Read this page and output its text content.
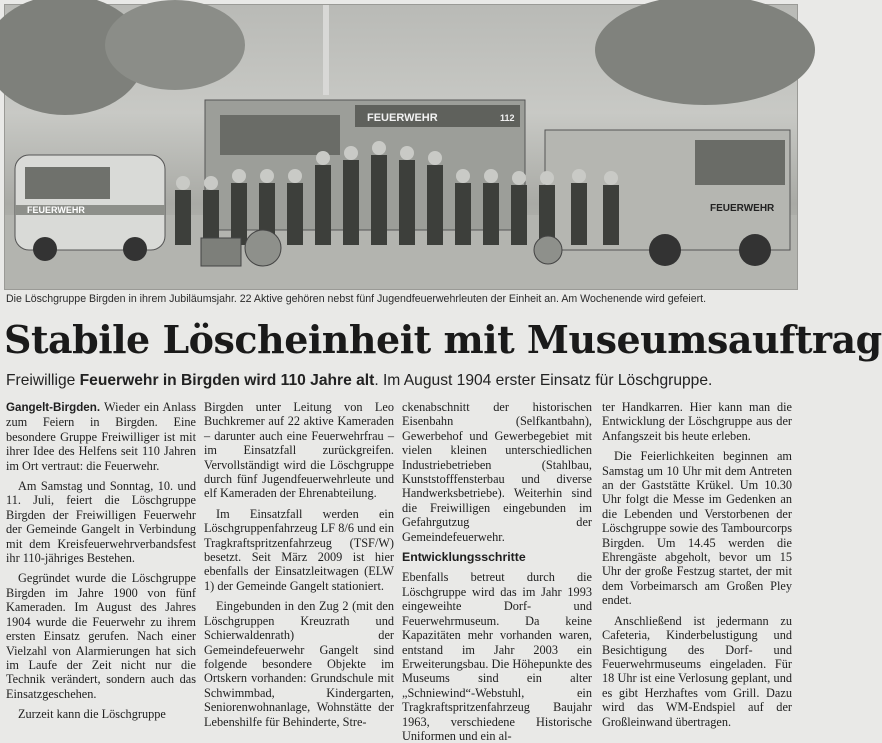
FEUERWEHR
FEUERWEHR	112
FEUERWEHR
Die Löschgruppe Birgden in ihrem Jubiläumsjahr. 22 Aktive gehören nebst fünf Jugendfeuerwehrleuten der Einheit an. Am Wochenende wird gefeiert.
Stabile Löscheinheit mit Museumsauftrag
Freiwillige Feuerwehr in Birgden wird 110 Jahre alt. Im August 1904 erster Einsatz für Löschgruppe.

Gangelt-Birgden. Wieder ein Anlass zum Feiern in Birgden. Eine besondere Gruppe Freiwilliger ist mit ihrer Idee des Helfens seit 110 Jahren im Ort vertraut: die Feuerwehr.

Am Samstag und Sonntag, 10. und 11. Juli, feiert die Löschgruppe Birgden der Freiwilligen Feuerwehr der Gemeinde Gangelt in Verbindung mit dem Kreisfeuerwehrverbandsfest ihr 110-jähriges Bestehen.

Gegründet wurde die Löschgruppe Birgden im Jahre 1900 von fünf Kameraden. Im August des Jahres 1904 wurde die Feuerwehr zu ihrem ersten Einsatz gerufen. Nach einer Vielzahl von Alarmierungen hat sich im Laufe der Zeit nicht nur die Technik verändert, sondern auch das Einsatzgeschehen.

Zurzeit kann die Löschgruppe

Birgden unter Leitung von Leo Buchkremer auf 22 aktive Kameraden – darunter auch eine Feuerwehrfrau – im Einsatzfall zurückgreifen. Vervollständigt wird die Löschgruppe durch fünf Jugendfeuerwehrleute und elf Kameraden der Ehrenabteilung.

Im Einsatzfall werden ein Löschgruppenfahrzeug LF 8/6 und ein Tragkraftspritzenfahrzeug (TSF/W) besetzt. Seit März 2009 ist hier ebenfalls der Einsatzleitwagen (ELW 1) der Gemeinde Gangelt stationiert.

Eingebunden in den Zug 2 (mit den Löschgruppen Kreuzrath und Schierwaldenrath) der Gemeindefeuerwehr Gangelt sind folgende besondere Objekte im Ortskern vorhanden: Grundschule mit Schwimmbad, Kindergarten, Seniorenwohnanlage, Wohnstätte der Lebenshilfe für Behinderte, Stre-

ckenabschnitt der historischen Eisenbahn (Selfkantbahn), Gewerbehof und Gewerbegebiet mit vielen kleinen unterschiedlichen Industriebetrieben (Stahlbau, Kunststofffensterbau und diverse Handwerksbetriebe). Weiterhin sind die Freiwilligen eingebunden im Gefahrgutzug der Gemeindefeuerwehr.

Entwicklungsschritte

Ebenfalls betreut durch die Löschgruppe wird das im Jahr 1993 eingeweihte Dorf- und Feuerwehrmuseum. Da keine Kapazitäten mehr vorhanden waren, entstand im Jahr 2003 ein Erweiterungsbau. Die Höhepunkte des Museums sind ein alter „Schniewind“-Webstuhl, ein Tragkraftspritzenfahrzeug Baujahr 1963, verschiedene Historische Uniformen und ein al-

ter Handkarren. Hier kann man die Entwicklung der Löschgruppe aus der Anfangszeit bis heute erleben.

Die Feierlichkeiten beginnen am Samstag um 10 Uhr mit dem Antreten an der Gaststätte Krükel. Um 10.30 Uhr folgt die Messe im Gedenken an die Lebenden und Verstorbenen der Löschgruppe sowie des Tambourcorps Birgden. Um 14.45 werden die Ehrengäste abgeholt, bevor um 15 Uhr der große Festzug startet, der mit dem Vorbeimarsch am Großen Pley endet.

Anschließend ist jedermann zu Cafeteria, Kinderbelustigung und Besichtigung des Dorf- und Feuerwehrmuseums eingeladen. Für 18 Uhr ist eine Verlosung geplant, und es gibt Herzhaftes vom Grill. Dazu wird das WM-Endspiel auf der Großleinwand übertragen.
